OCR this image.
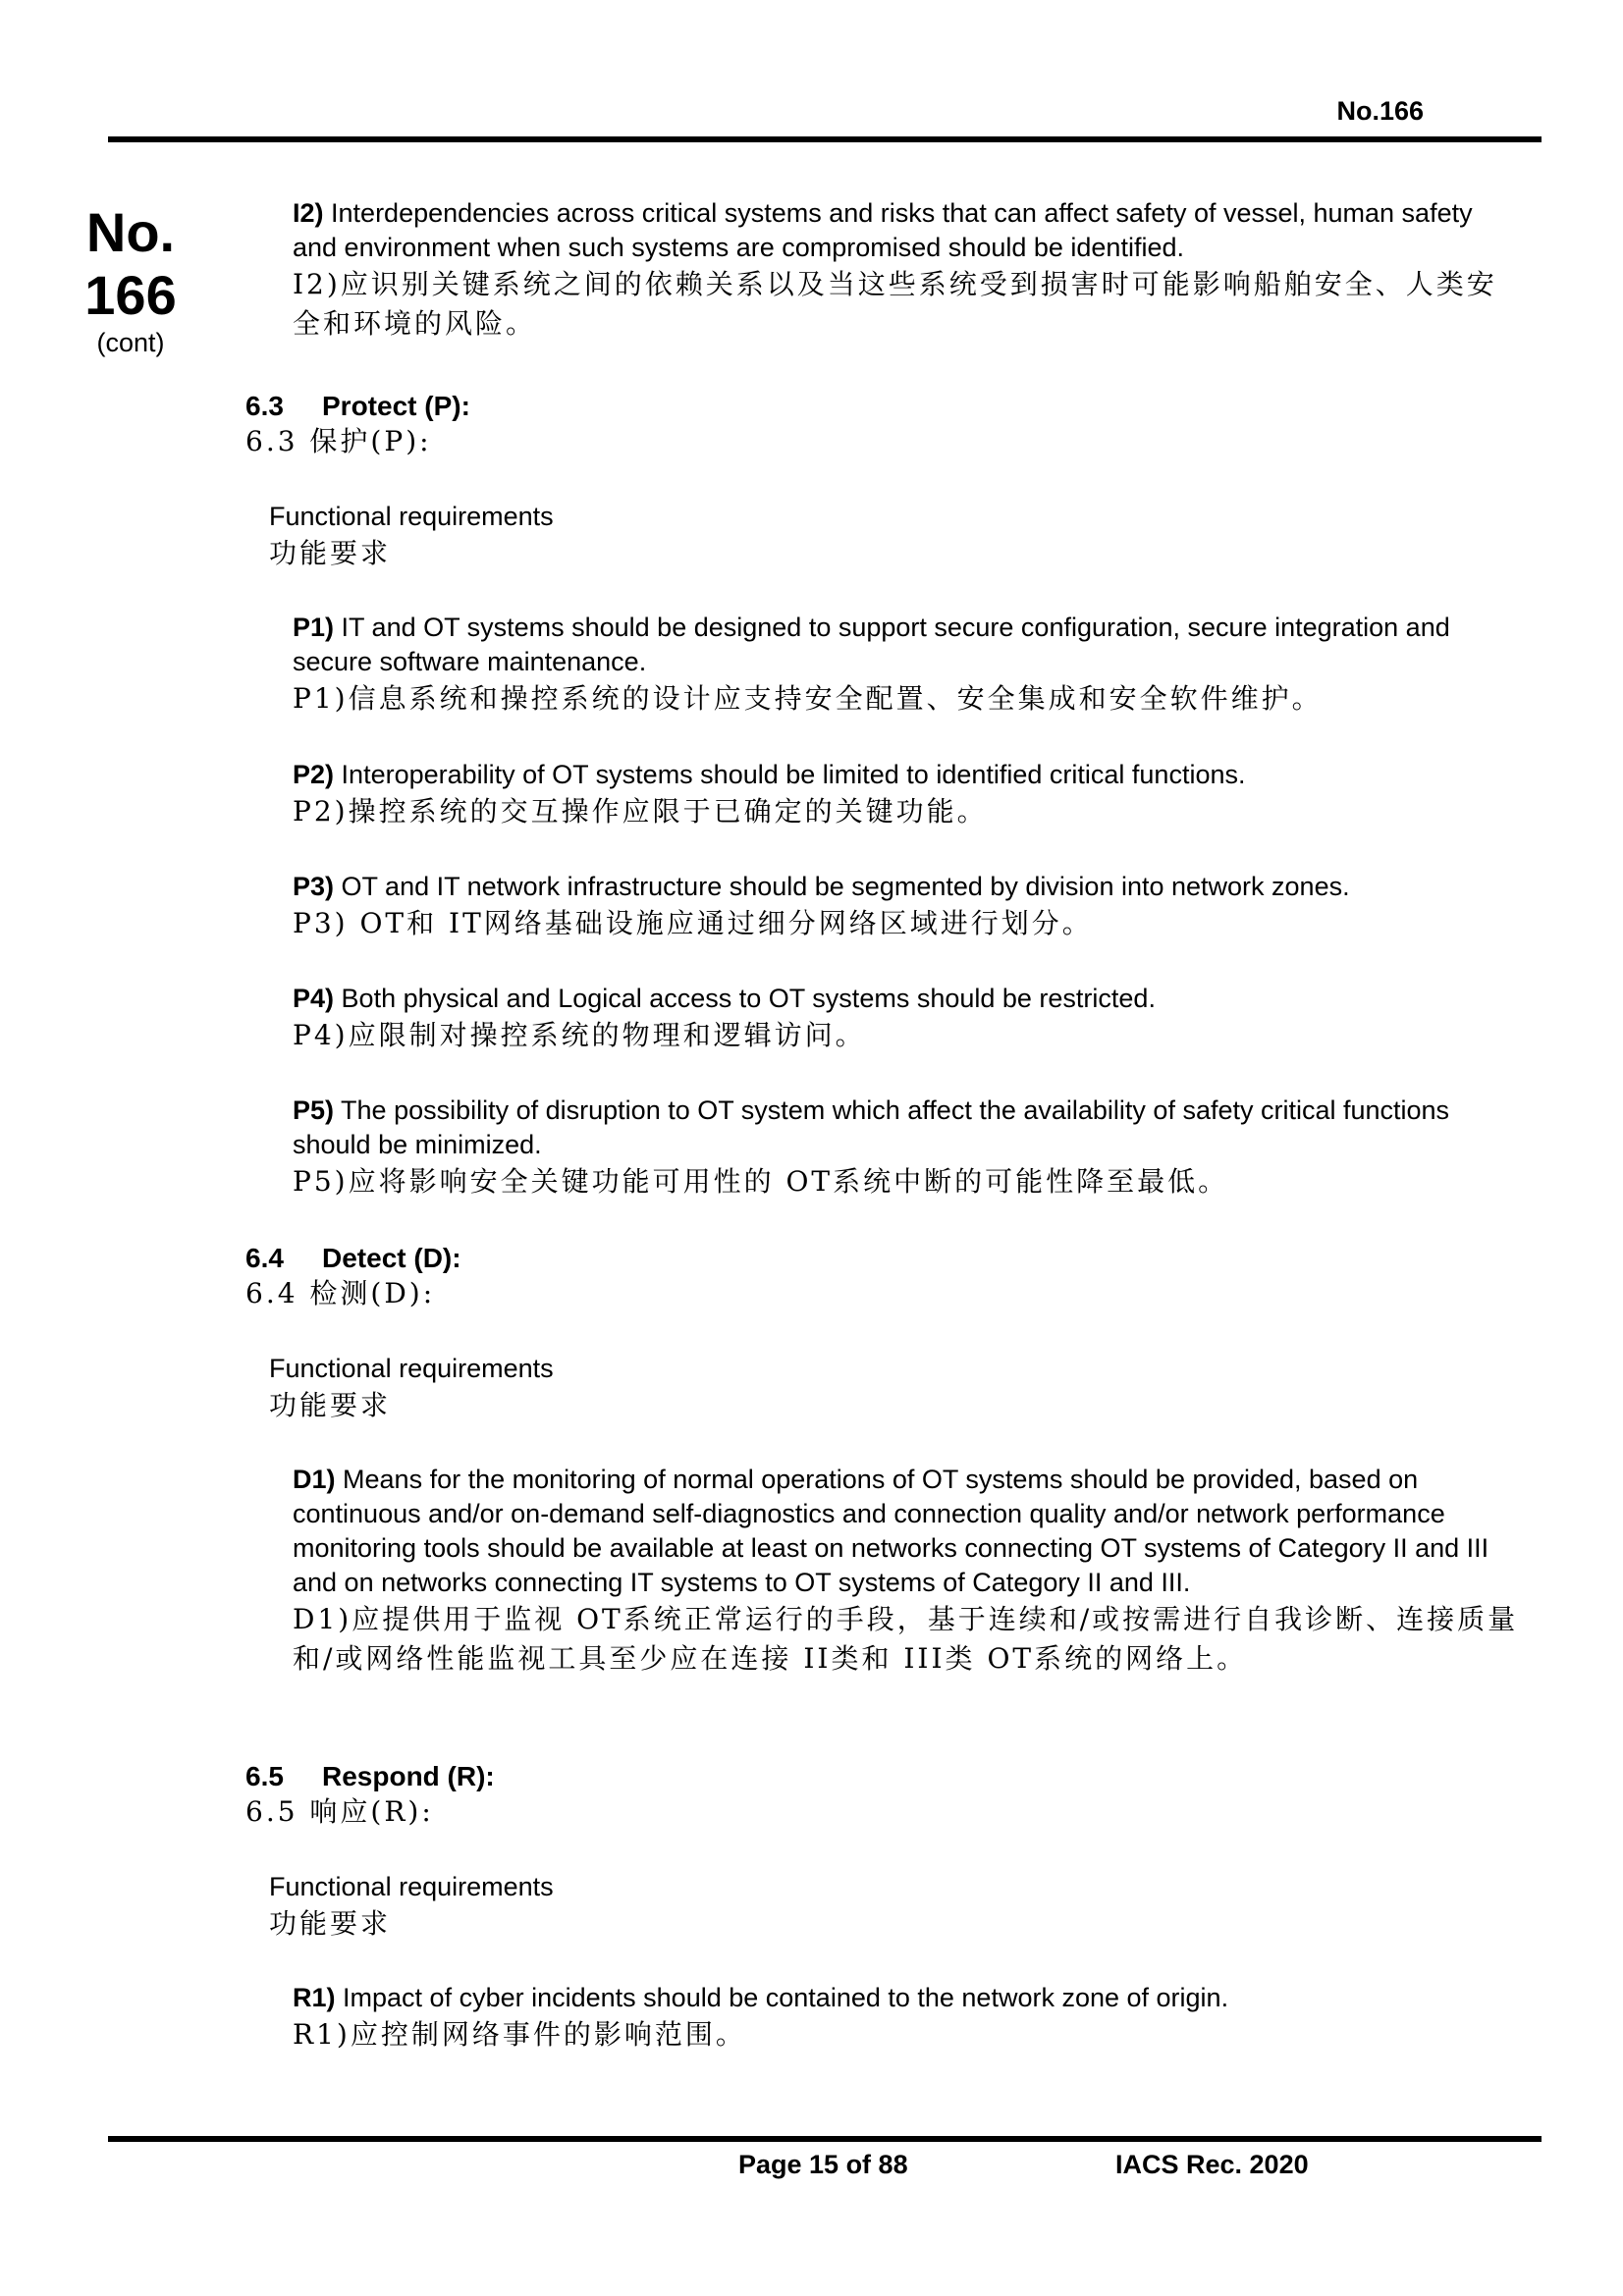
No.166
No.
166
(cont)
I2) Interdependencies across critical systems and risks that can affect safety of vessel, human safety and environment when such systems are compromised should be identified.
I2)应识别关键系统之间的依赖关系以及当这些系统受到损害时可能影响船舶安全、人类安全和环境的风险。
6.3 Protect (P):
6.3 保护(P):
Functional requirements
功能要求
P1) IT and OT systems should be designed to support secure configuration, secure integration and secure software maintenance.
P1)信息系统和操控系统的设计应支持安全配置、安全集成和安全软件维护。
P2) Interoperability of OT systems should be limited to identified critical functions.
P2)操控系统的交互操作应限于已确定的关键功能。
P3) OT and IT network infrastructure should be segmented by division into network zones.
P3) OT和 IT网络基础设施应通过细分网络区域进行划分。
P4) Both physical and Logical access to OT systems should be restricted.
P4)应限制对操控系统的物理和逻辑访问。
P5) The possibility of disruption to OT system which affect the availability of safety critical functions should be minimized.
P5)应将影响安全关键功能可用性的 OT系统中断的可能性降至最低。
6.4 Detect (D):
6.4 检测(D):
Functional requirements
功能要求
D1) Means for the monitoring of normal operations of OT systems should be provided, based on continuous and/or on-demand self-diagnostics and connection quality and/or network performance monitoring tools should be available at least on networks connecting OT systems of Category II and III and on networks connecting IT systems to OT systems of Category II and III.
D1)应提供用于监视 OT系统正常运行的手段，基于连续和/或按需进行自我诊断、连接质量和/或网络性能监视工具至少应在连接 II类和 III类 OT系统的网络上。
6.5 Respond (R):
6.5 响应(R):
Functional requirements
功能要求
R1) Impact of cyber incidents should be contained to the network zone of origin.
R1)应控制网络事件的影响范围。
Page 15 of 88	IACS Rec. 2020
